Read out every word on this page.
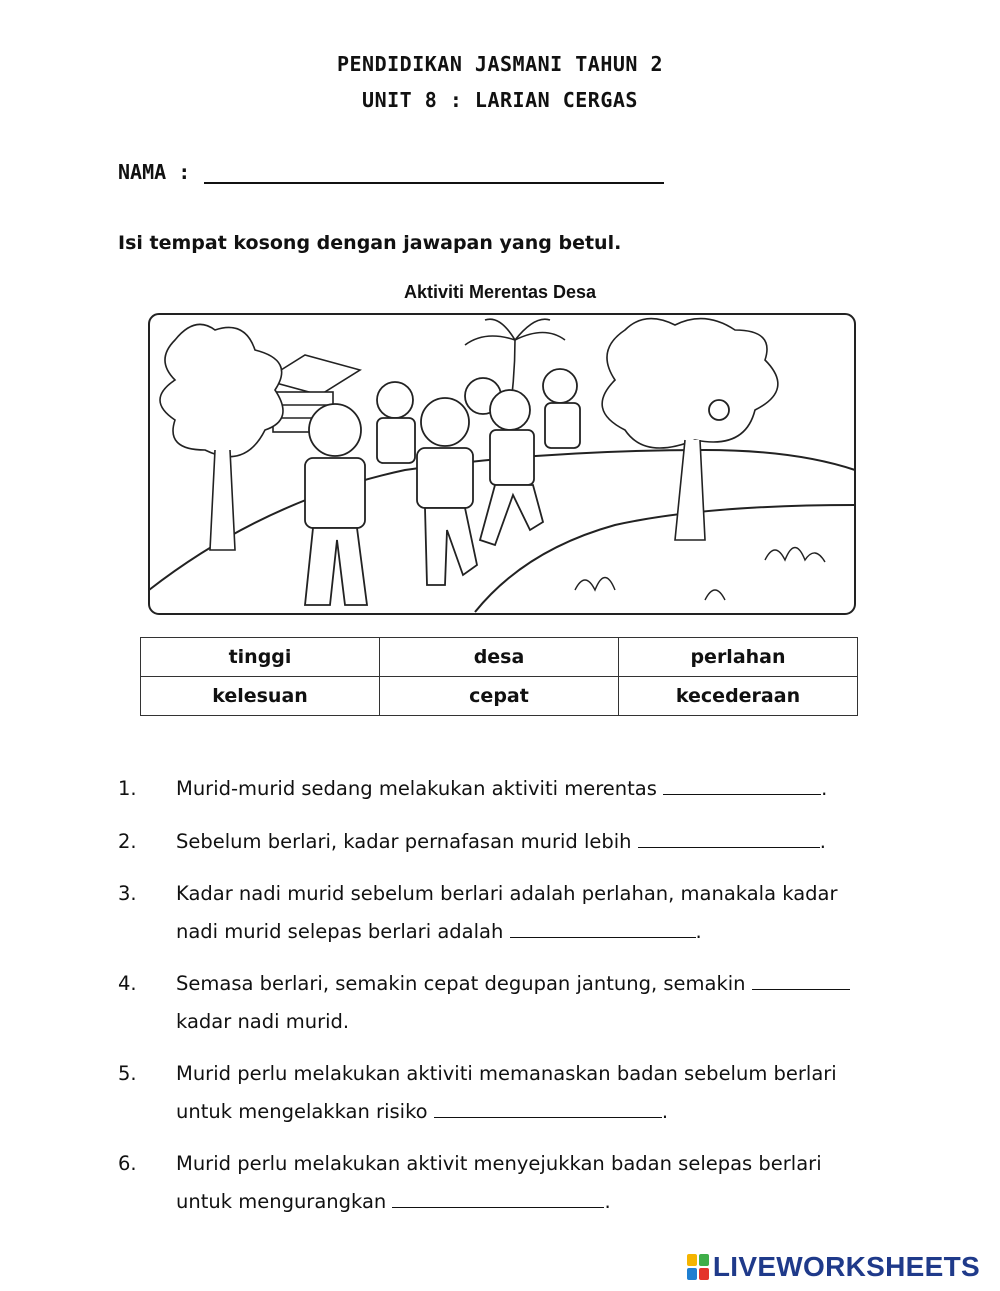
PENDIDIKAN JASMANI TAHUN 2
UNIT 8 : LARIAN CERGAS
NAMA :
Isi tempat kosong dengan jawapan yang betul.
Aktiviti Merentas Desa
tinggi	desa	perlahan
kelesuan	cepat	kecederaan
1. Murid-murid sedang melakukan aktiviti merentas	.
2. Sebelum berlari, kadar pernafasan murid lebih	.
3. Kadar nadi murid sebelum berlari adalah perlahan, manakala kadar
nadi murid selepas berlari adalah	.
4. Semasa berlari, semakin cepat degupan jantung, semakin
kadar nadi murid.
5. Murid perlu melakukan aktiviti memanaskan badan sebelum berlari
untuk mengelakkan risiko	.
6. Murid perlu melakukan aktivit menyejukkan badan selepas berlari
untuk mengurangkan	.
LIVEWORKSHEETS
